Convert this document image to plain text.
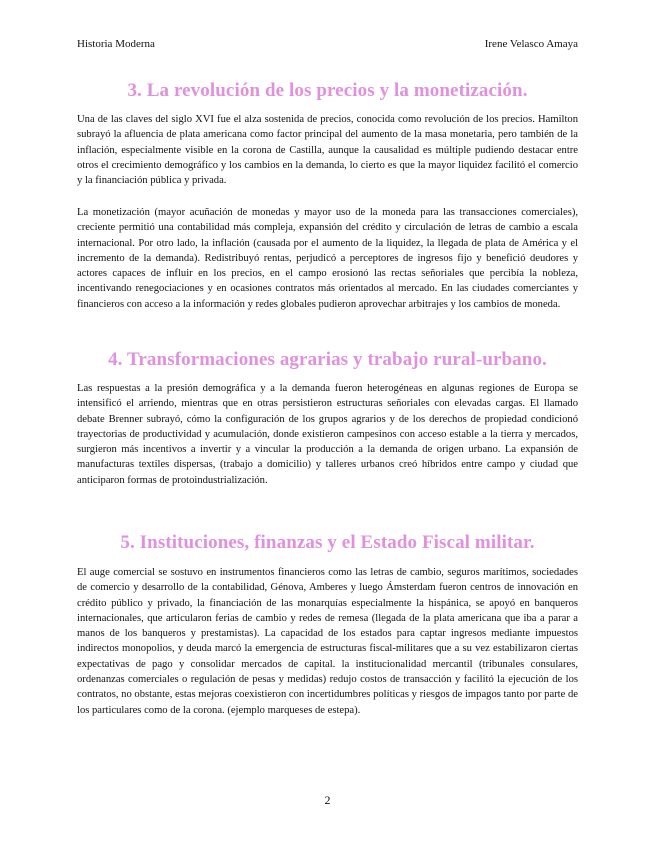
Historia Moderna	Irene Velasco Amaya
3. La revolución de los precios y la monetización.

Una de las claves del siglo XVI fue el alza sostenida de precios, conocida como revolución de los precios. Hamilton subrayó la afluencia de plata americana como factor principal del aumento de la masa monetaria, pero también de la inflación, especialmente visible en la corona de Castilla, aunque la causalidad es múltiple pudiendo destacar entre otros el crecimiento demográfico y los cambios en la demanda, lo cierto es que la mayor liquidez facilitó el comercio y la financiación pública y privada.

La monetización (mayor acuñación de monedas y mayor uso de la moneda para las transacciones comerciales), creciente permitió una contabilidad más compleja, expansión del crédito y circulación de letras de cambio a escala internacional. Por otro lado, la inflación (causada por el aumento de la liquidez, la llegada de plata de América y el incremento de la demanda). Redistribuyó rentas, perjudicó a perceptores de ingresos fijo y benefició deudores y actores capaces de influir en los precios, en el campo erosionó las rectas señoriales que percibía la nobleza, incentivando renegociaciones y en ocasiones contratos más orientados al mercado. En las ciudades comerciantes y financieros con acceso a la información y redes globales pudieron aprovechar arbitrajes y los cambios de moneda.

4. Transformaciones agrarias y trabajo rural-urbano.

Las respuestas a la presión demográfica y a la demanda fueron heterogéneas en algunas regiones de Europa se intensificó el arriendo, mientras que en otras persistieron estructuras señoriales con elevadas cargas. El llamado debate Brenner subrayó, cómo la configuración de los grupos agrarios y de los derechos de propiedad condicionó trayectorias de productividad y acumulación, donde existieron campesinos con acceso estable a la tierra y mercados, surgieron más incentivos a invertir y a vincular la producción a la demanda de origen urbano. La expansión de manufacturas textiles dispersas, (trabajo a domicilio) y talleres urbanos creó híbridos entre campo y ciudad que anticiparon formas de protoindustrialización.

5. Instituciones, finanzas y el Estado Fiscal militar.

El auge comercial se sostuvo en instrumentos financieros como las letras de cambio, seguros marítimos, sociedades de comercio y desarrollo de la contabilidad, Génova, Amberes y luego Ámsterdam fueron centros de innovación en crédito público y privado, la financiación de las monarquías especialmente la hispánica, se apoyó en banqueros internacionales, que articularon ferias de cambio y redes de remesa (llegada de la plata americana que iba a parar a manos de los banqueros y prestamistas). La capacidad de los estados para captar ingresos mediante impuestos indirectos monopolios, y deuda marcó la emergencia de estructuras fiscal-militares que a su vez estabilizaron ciertas expectativas de pago y consolidar mercados de capital. la institucionalidad mercantil (tribunales consulares, ordenanzas comerciales o regulación de pesas y medidas) redujo costos de transacción y facilitó la ejecución de los contratos, no obstante, estas mejoras coexistieron con incertidumbres políticas y riesgos de impagos tanto por parte de los particulares como de la corona. (ejemplo marqueses de estepa).

2
